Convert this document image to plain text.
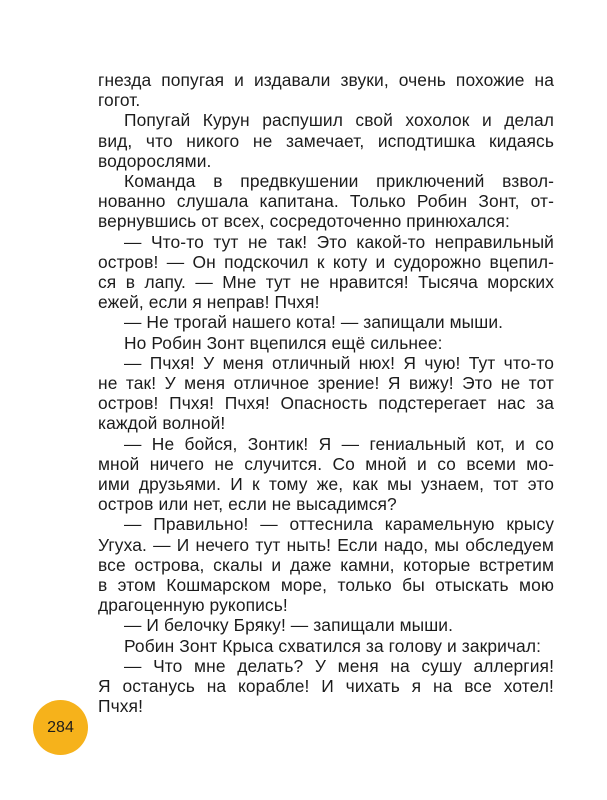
гнезда попугая и издавали звуки, очень похожие на
гогот.
Попугай Курун распушил свой хохолок и делал
вид, что никого не замечает, исподтишка кидаясь
водорослями.
Команда в предвкушении приключений взвол-
нованно слушала капитана. Только Робин Зонт, от-
вернувшись от всех, сосредоточенно принюхался:
— Что-то тут не так! Это какой-то неправильный
остров! — Он подскочил к коту и судорожно вцепил-
ся в лапу. — Мне тут не нравится! Тысяча морских
ежей, если я неправ! Пчхя!
— Не трогай нашего кота! — запищали мыши.
Но Робин Зонт вцепился ещё сильнее:
— Пчхя! У меня отличный нюх! Я чую! Тут что-то
не так! У меня отличное зрение! Я вижу! Это не тот
остров! Пчхя! Пчхя! Опасность подстерегает нас за
каждой волной!
— Не бойся, Зонтик! Я — гениальный кот, и со
мной ничего не случится. Со мной и со всеми мо-
ими друзьями. И к тому же, как мы узнаем, тот это
остров или нет, если не высадимся?
— Правильно! — оттеснила карамельную крысу
Угуха. — И нечего тут ныть! Если надо, мы обследуем
все острова, скалы и даже камни, которые встретим
в этом Кошмарском море, только бы отыскать мою
драгоценную рукопись!
— И белочку Бряку! — запищали мыши.
Робин Зонт Крыса схватился за голову и закричал:
— Что мне делать? У меня на сушу аллергия!
Я останусь на корабле! И чихать я на все хотел!
Пчхя!
284
